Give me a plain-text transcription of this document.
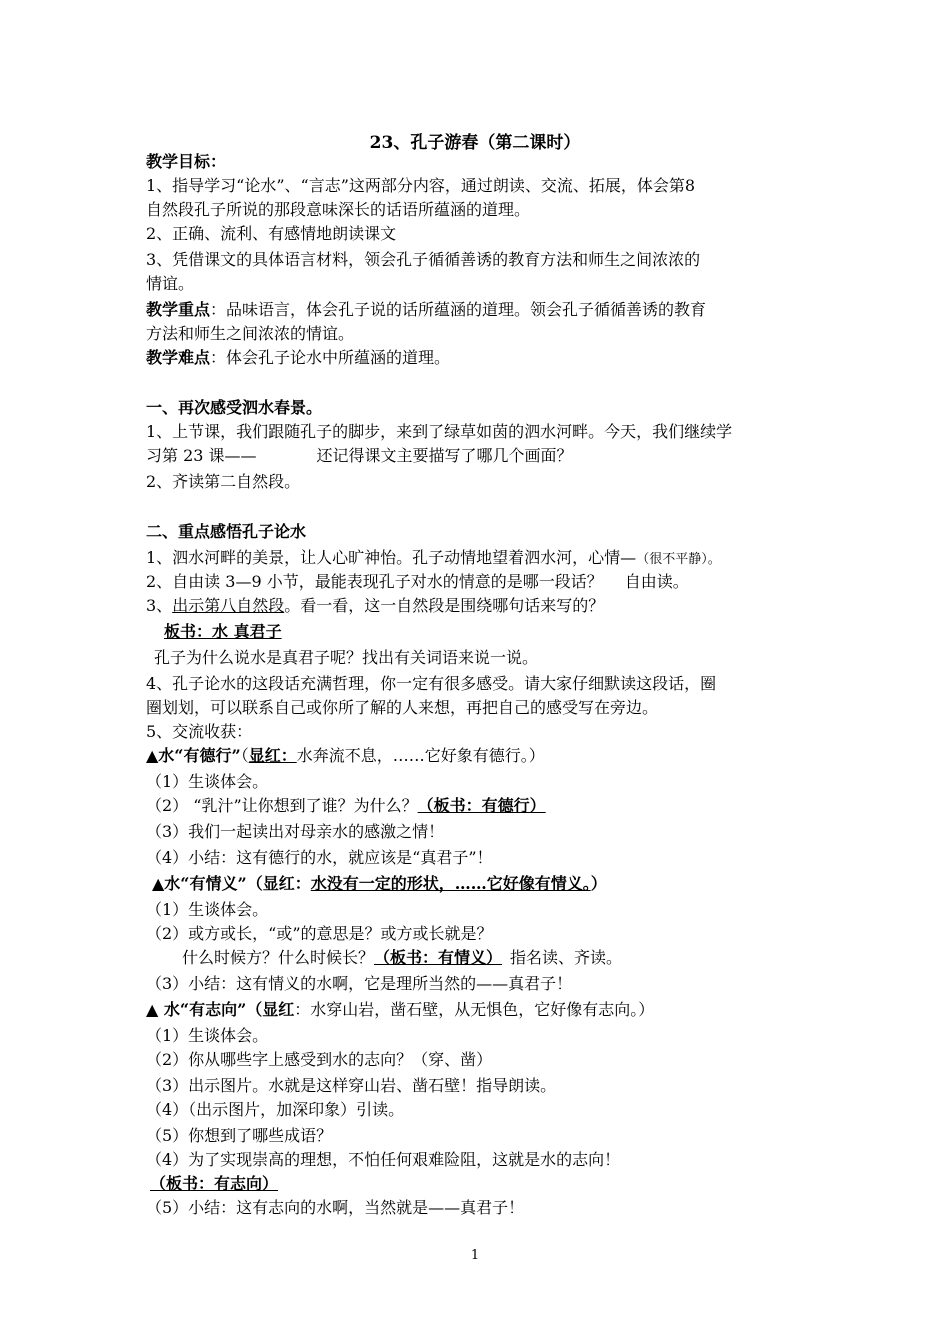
23、孔子游春（第二课时）
教学目标：
1、指导学习“论水”、“言志”这两部分内容，通过朗读、交流、拓展，体会第8
自然段孔子所说的那段意味深长的话语所蕴涵的道理。
2、正确、流利、有感情地朗读课文
3、凭借课文的具体语言材料，领会孔子循循善诱的教育方法和师生之间浓浓的
情谊。
教学重点：品味语言，体会孔子说的话所蕴涵的道理。领会孔子循循善诱的教育
方法和师生之间浓浓的情谊。
教学难点：体会孔子论水中所蕴涵的道理。
一、再次感受泗水春景。
1、上节课，我们跟随孔子的脚步，来到了绿草如茵的泗水河畔。今天，我们继续学
习第 23 课——	还记得课文主要描写了哪几个画面？
2、齐读第二自然段。
二、重点感悟孔子论水
1、泗水河畔的美景，让人心旷神怡。孔子动情地望着泗水河，心情—（很不平静）。
2、自由读 3—9 小节，最能表现孔子对水的情意的是哪一段话？ 自由读。
3、出示第八自然段。看一看，这一自然段是围绕哪句话来写的？
板书：水 真君子
孔子为什么说水是真君子呢？找出有关词语来说一说。
4、孔子论水的这段话充满哲理，你一定有很多感受。请大家仔细默读这段话，圈
圈划划，可以联系自己或你所了解的人来想，再把自己的感受写在旁边。
5、交流收获：
▲水“有德行”（显红：水奔流不息，……它好象有德行。）
（1）生谈体会。
（2） “乳汁”让你想到了谁？为什么？（板书：有德行）
（3）我们一起读出对母亲水的感激之情！
（4）小结：这有德行的水，就应该是“真君子”！
▲水“有情义”（显红：水没有一定的形状，……它好像有情义。）
（1）生谈体会。
（2）或方或长，“或”的意思是？或方或长就是？
什么时候方？什么时候长？（板书：有情义） 指名读、齐读。
（3）小结：这有情义的水啊，它是理所当然的——真君子！
▲ 水“有志向”（显红：水穿山岩，凿石壁，从无惧色，它好像有志向。）
（1）生谈体会。
（2）你从哪些字上感受到水的志向？（穿、凿）
（3）出示图片。水就是这样穿山岩、凿石壁！指导朗读。
（4）（出示图片，加深印象）引读。
（5）你想到了哪些成语？
（4）为了实现崇高的理想，不怕任何艰难险阻，这就是水的志向！
（板书：有志向）
（5）小结：这有志向的水啊，当然就是——真君子！
1
